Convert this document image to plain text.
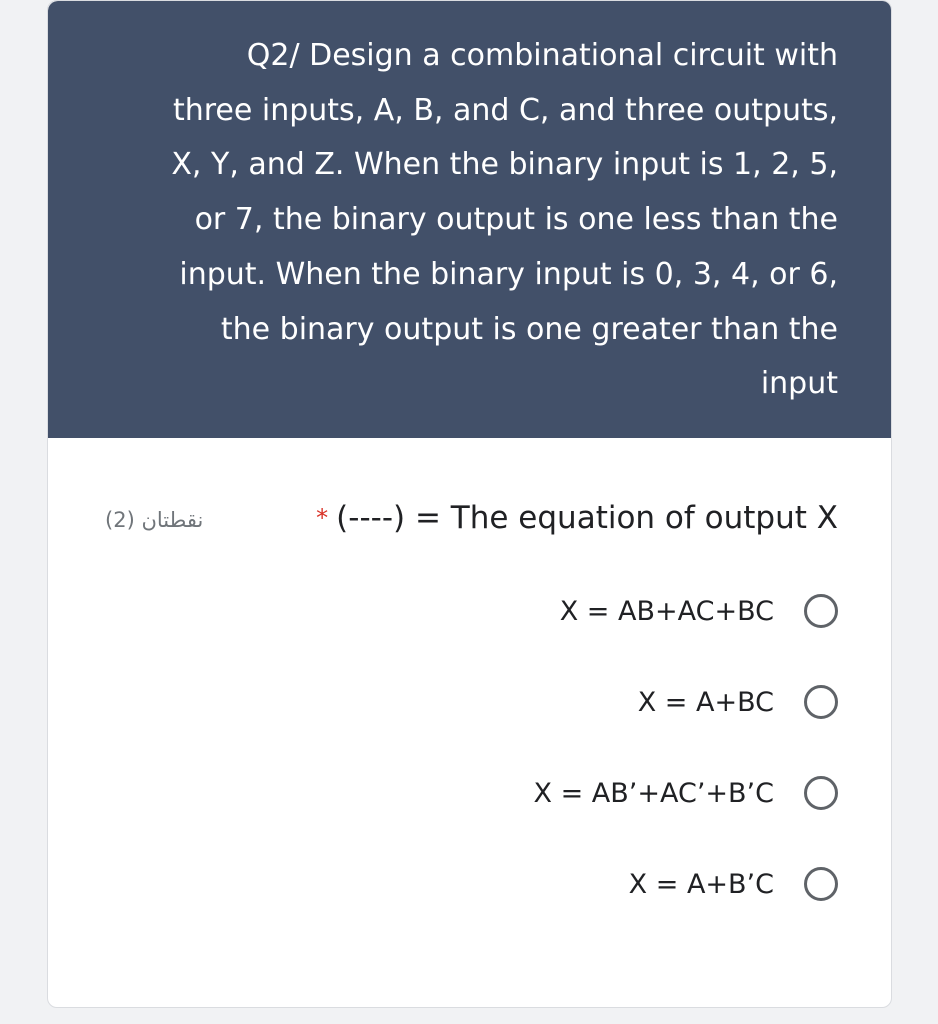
Q2/ Design a combinational circuit with
three inputs, A, B, and C, and three outputs,
X, Y, and Z. When the binary input is 1, 2, 5,
or 7, the binary output is one less than the
input. When the binary input is 0, 3, 4, or 6,
the binary output is one greater than the
input
نقطتان (2)	* (----) = The equation of output X
X = AB+AC+BC
X = A+BC
X = AB’+AC’+B’C
X = A+B’C
